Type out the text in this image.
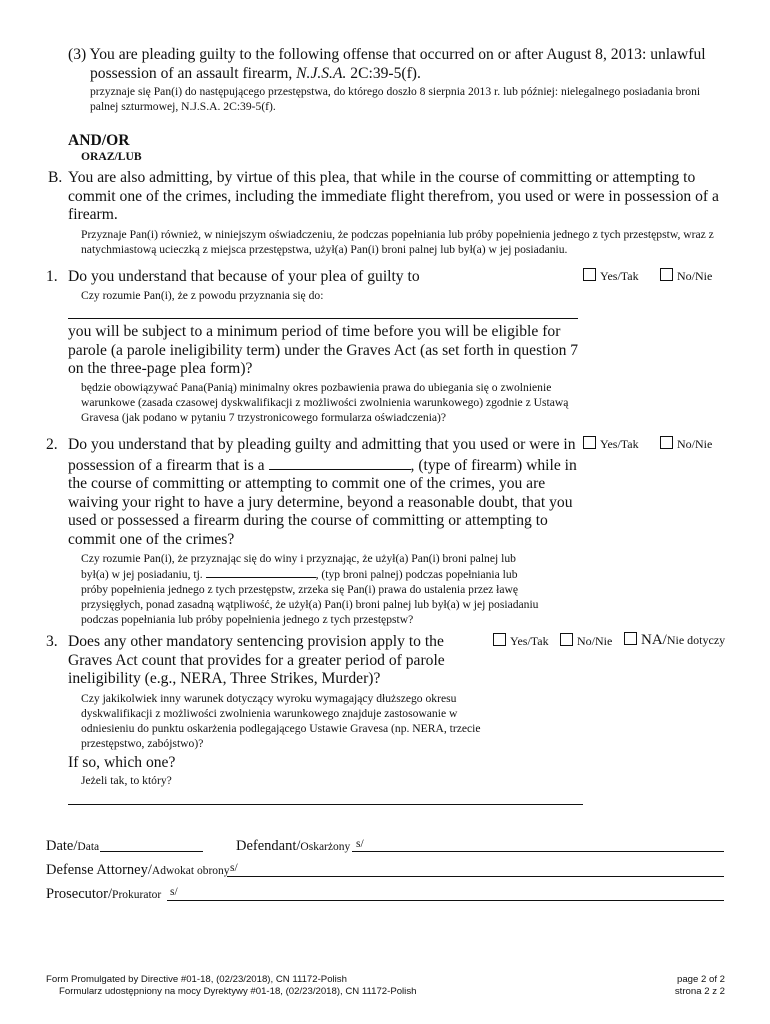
(3) You are pleading guilty to the following offense that occurred on or after August 8, 2013: unlawful

possession of an assault firearm, N.J.S.A. 2C:39-5(f).

przyznaje się Pan(i) do następującego przestępstwa, do którego doszło 8 sierpnia 2013 r. lub później: nielegalnego posiadania broni palnej szturmowej, N.J.S.A. 2C:39-5(f).

AND/OR
ORAZ/LUB
B. You are also admitting, by virtue of this plea, that while in the course of committing or attempting to commit one of the crimes, including the immediate flight therefrom, you used or were in possession of a firearm.

Przyznaje Pan(i) również, w niniejszym oświadczeniu, że podczas popełniania lub próby popełnienia jednego z tych przestępstw, wraz z natychmiastową ucieczką z miejsca przestępstwa, użył(a) Pan(i) broni palnej lub był(a) w jej posiadaniu.

1. Do you understand that because of your plea of guilty to

Czy rozumie Pan(i), że z powodu przyznania się do:

Yes/Tak	No/Nie

you will be subject to a minimum period of time before you will be eligible for parole (a parole ineligibility term) under the Graves Act (as set forth in question 7 on the three-page plea form)?

będzie obowiązywać Pana(Panią) minimalny okres pozbawienia prawa do ubiegania się o zwolnienie warunkowe (zasada czasowej dyskwalifikacji z możliwości zwolnienia warunkowego) zgodnie z Ustawą Gravesa (jak podano w pytaniu 7 trzystronicowego formularza oświadczenia)?

2. Do you understand that by pleading guilty and admitting that you used or were in

possession of a firearm that is a	, (type of firearm) while in

the course of committing or attempting to commit one of the crimes, you are waiving your right to have a jury determine, beyond a reasonable doubt, that you used or possessed a firearm during the course of committing or attempting to commit one of the crimes?

Czy rozumie Pan(i), że przyznając się do winy i przyznając, że użył(a) Pan(i) broni palnej lub

był(a) w jej posiadaniu, tj.	, (typ broni palnej) podczas popełniania lub

próby popełnienia jednego z tych przestępstw, zrzeka się Pan(i) prawa do ustalenia przez ławę przysięgłych, ponad zasadną wątpliwość, że użył(a) Pan(i) broni palnej lub był(a) w jej posiadaniu podczas popełniania lub próby popełnienia jednego z tych przestępstw?

Yes/Tak	No/Nie
3. Does any other mandatory sentencing provision apply to the Graves Act count that provides for a greater period of parole ineligibility (e.g., NERA, Three Strikes, Murder)?

Czy jakikolwiek inny warunek dotyczący wyroku wymagający dłuższego okresu dyskwalifikacji z możliwości zwolnienia warunkowego znajduje zastosowanie w odniesieniu do punktu oskarżenia podlegającego Ustawie Gravesa (np. NERA, trzecie przestępstwo, zabójstwo)?

Yes/Tak	No/Nie	NA/Nie dotyczy

If so, which one?

Jeżeli tak, to który?

Date/Data	Defendant/Oskarżony s/
Defense Attorney/Adwokat obrony s/
Prosecutor/Prokurator s/
Form Promulgated by Directive #01-18, (02/23/2018), CN 11172-Polish
Formularz udostępniony na mocy Dyrektywy #01-18, (02/23/2018), CN 11172-Polish
page 2 of 2
strona 2 z 2
